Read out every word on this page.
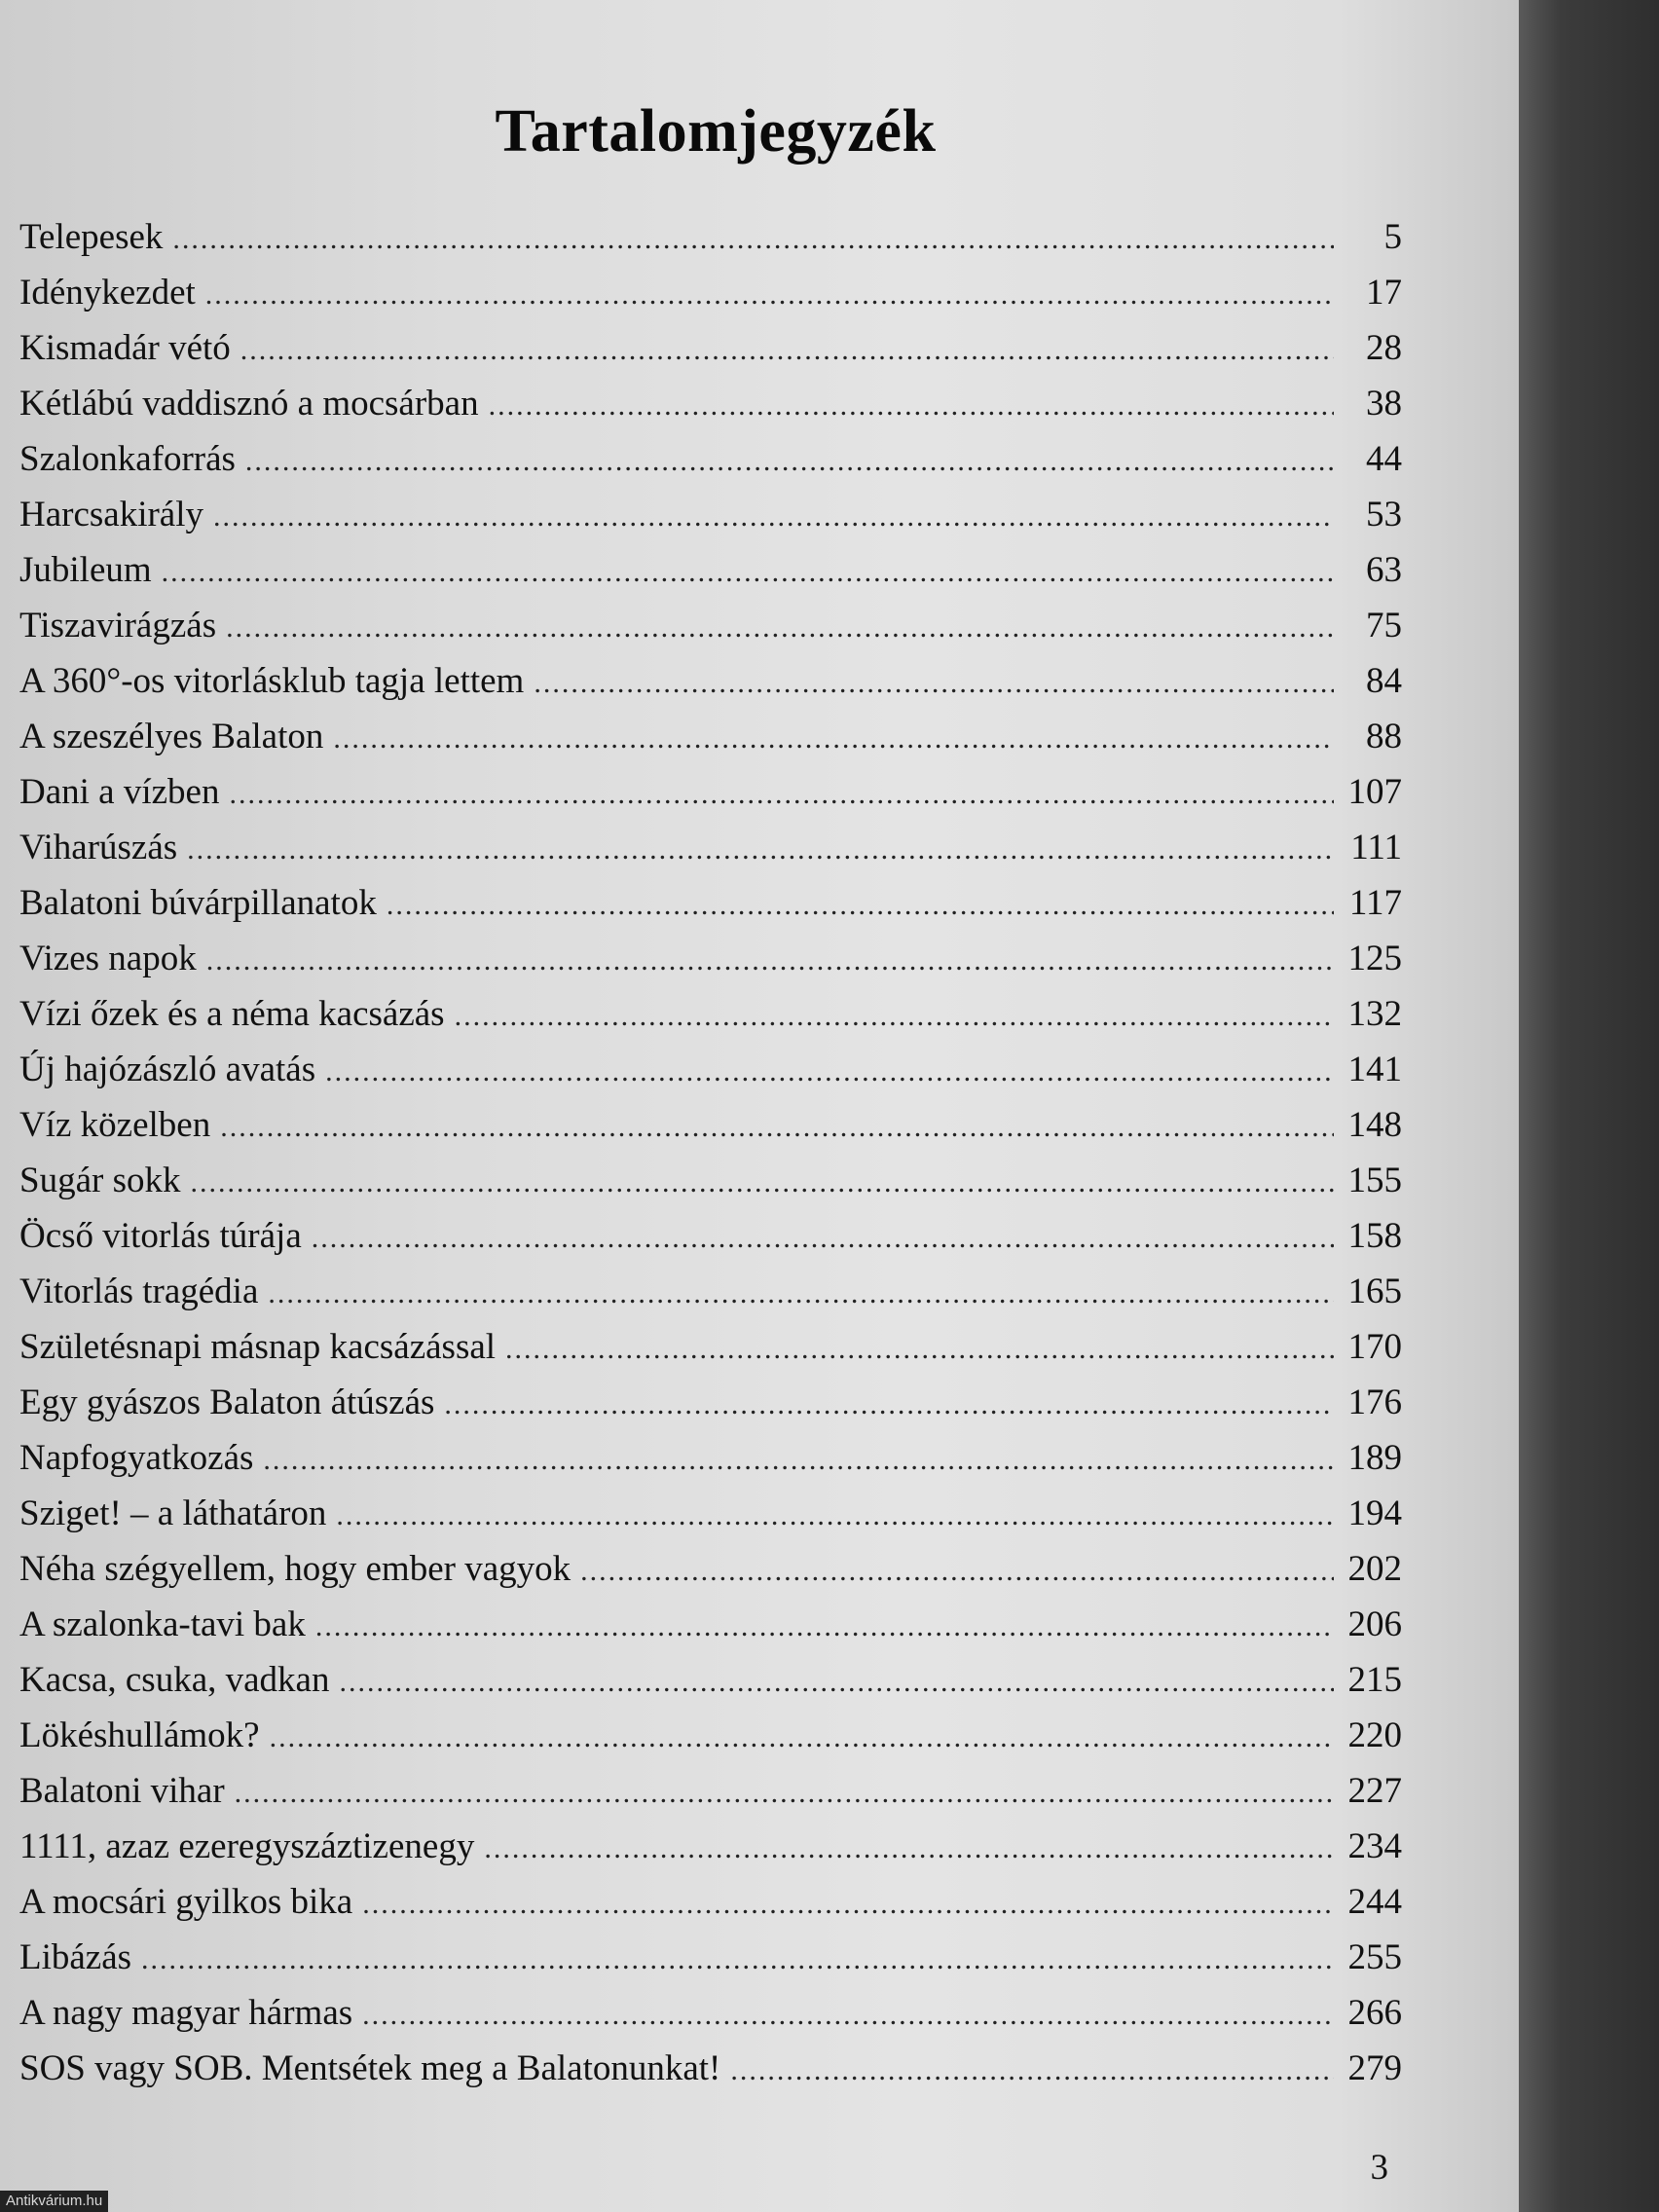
Tartalomjegyzék
Telepesek .....	5
Idénykezdet .....	17
Kismadár vétó .....	28
Kétlábú vaddisznó a mocsárban .....	38
Szalonkaforrás .....	44
Harcsakirály .....	53
Jubileum .....	63
Tiszavirágzás .....	75
A 360°-os vitorlásklub tagja lettem .....	84
A szeszélyes Balaton .....	88
Dani a vízben .....	107
Viharúszás .....	111
Balatoni búvárpillanatok .....	117
Vizes napok .....	125
Vízi őzek és a néma kacsázás .....	132
Új hajózászló avatás .....	141
Víz közelben .....	148
Sugár sokk .....	155
Öcső vitorlás túrája .....	158
Vitorlás tragédia .....	165
Születésnapi másnap kacsázással .....	170
Egy gyászos Balaton átúszás .....	176
Napfogyatkozás .....	189
Sziget! – a láthatáron .....	194
Néha szégyellem, hogy ember vagyok .....	202
A szalonka-tavi bak .....	206
Kacsa, csuka, vadkan .....	215
Lökéshullámok? .....	220
Balatoni vihar .....	227
1111, azaz ezeregyszáztizenegy .....	234
A mocsári gyilkos bika .....	244
Libázás .....	255
A nagy magyar hármas .....	266
SOS vagy SOB. Mentsétek meg a Balatonunkat! .....	279
3
Antikvárium.hu
